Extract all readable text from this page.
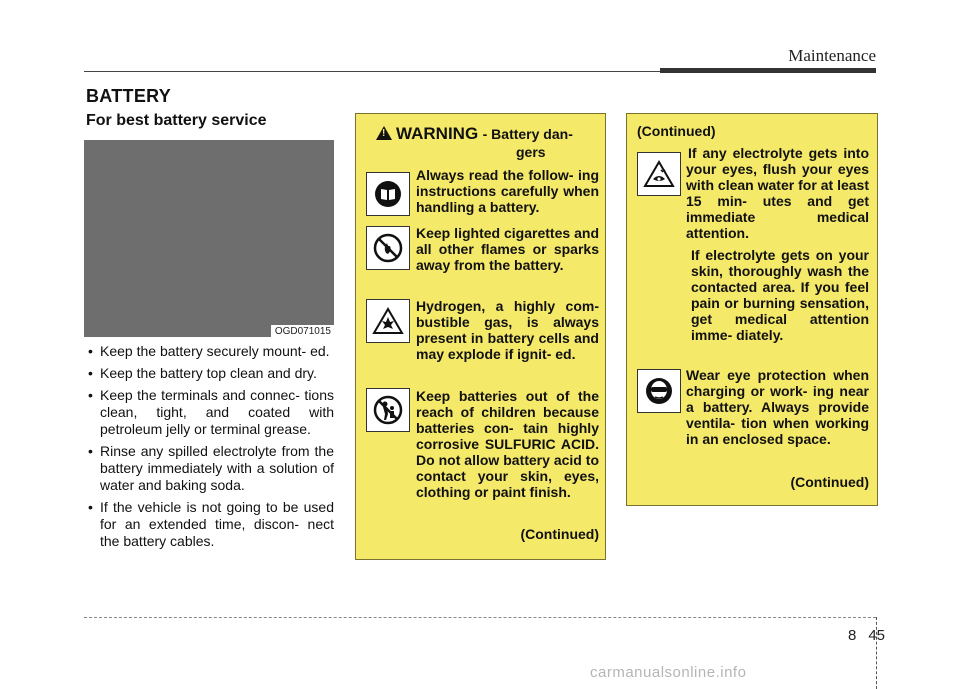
Maintenance
BATTERY
For best battery service
OGD071015
• Keep the battery securely mount- ed.
• Keep the battery top clean and dry.
• Keep the terminals and connec- tions clean, tight, and coated with petroleum jelly or terminal grease.
• Rinse any spilled electrolyte from the battery immediately with a solution of water and baking soda.
• If the vehicle is not going to be used for an extended time, discon- nect the battery cables.
!WARNING - Battery dan-
gers
Always read the follow- ing instructions carefully when handling a battery.
Keep lighted cigarettes and all other flames or sparks away from the battery.
Hydrogen, a highly com- bustible gas, is always present in battery cells and may explode if ignit- ed.
Keep batteries out of the reach of children because batteries con- tain highly corrosive SULFURIC ACID. Do not allow battery acid to contact your skin, eyes, clothing or paint finish.
(Continued)
(Continued)
If any electrolyte gets into your eyes, flush your eyes with clean water for at least 15 min- utes and get immediate medical attention.
If electrolyte gets on your skin, thoroughly wash the contacted area. If you feel pain or burning sensation, get medical attention imme- diately.
Wear eye protection when charging or work- ing near a battery. Always provide ventila- tion when working in an enclosed space.
(Continued)
8 45
carmanualsonline.info
